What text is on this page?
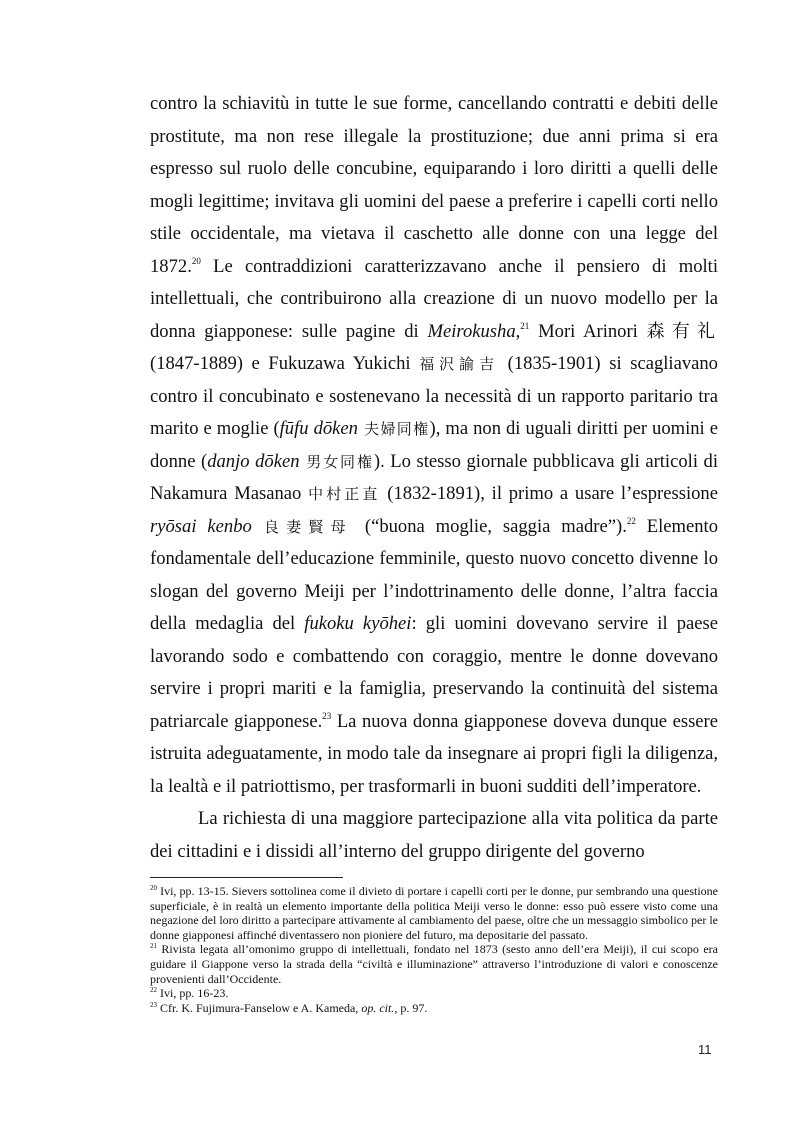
contro la schiavitù in tutte le sue forme, cancellando contratti e debiti delle prostitute, ma non rese illegale la prostituzione; due anni prima si era espresso sul ruolo delle concubine, equiparando i loro diritti a quelli delle mogli legittime; invitava gli uomini del paese a preferire i capelli corti nello stile occidentale, ma vietava il caschetto alle donne con una legge del 1872.20 Le contraddizioni caratterizzavano anche il pensiero di molti intellettuali, che contribuirono alla creazione di un nuovo modello per la donna giapponese: sulle pagine di Meirokusha,$^{21}$ Mori Arinori 森有礼 (1847-1889) e Fukuzawa Yukichi 福沢諭吉 (1835-1901) si scagliavano contro il concubinato e sostenevano la necessità di un rapporto paritario tra marito e moglie (fūfu dōken 夫婦同権), ma non di uguali diritti per uomini e donne (danjo dōken 男女同権). Lo stesso giornale pubblicava gli articoli di Nakamura Masanao 中村正直 (1832-1891), il primo a usare l’espressione ryōsai kenbo 良妻賢母 (“buona moglie, saggia madre”).$^{22}$ Elemento fondamentale dell’educazione femminile, questo nuovo concetto divenne lo slogan del governo Meiji per l’indottrinamento delle donne, l’altra faccia della medaglia del fukoku kyōhei: gli uomini dovevano servire il paese lavorando sodo e combattendo con coraggio, mentre le donne dovevano servire i propri mariti e la famiglia, preservando la continuità del sistema patriarcale giapponese.$^{23}$ La nuova donna giapponese doveva dunque essere istruita adeguatamente, in modo tale da insegnare ai propri figli la diligenza, la lealtà e il patriottismo, per trasformarli in buoni sudditi dell’imperatore.

La richiesta di una maggiore partecipazione alla vita politica da parte dei cittadini e i dissidi all’interno del gruppo dirigente del governo

$^{20}$ Ivi, pp. 13-15. Sievers sottolinea come il divieto di portare i capelli corti per le donne, pur sembrando una questione superficiale, è in realtà un elemento importante della politica Meiji verso le donne: esso può essere visto come una negazione del loro diritto a partecipare attivamente al cambiamento del paese, oltre che un messaggio simbolico per le donne giapponesi affinché diventassero non pioniere del futuro, ma depositarie del passato.

$^{21}$ Rivista legata all’omonimo gruppo di intellettuali, fondato nel 1873 (sesto anno dell’era Meiji), il cui scopo era guidare il Giappone verso la strada della “civiltà e illuminazione” attraverso l’introduzione di valori e conoscenze provenienti dall’Occidente.

$^{22}$ Ivi, pp. 16-23.

$^{23}$ Cfr. K. Fujimura-Fanselow e A. Kameda, op. cit., p. 97.

11
